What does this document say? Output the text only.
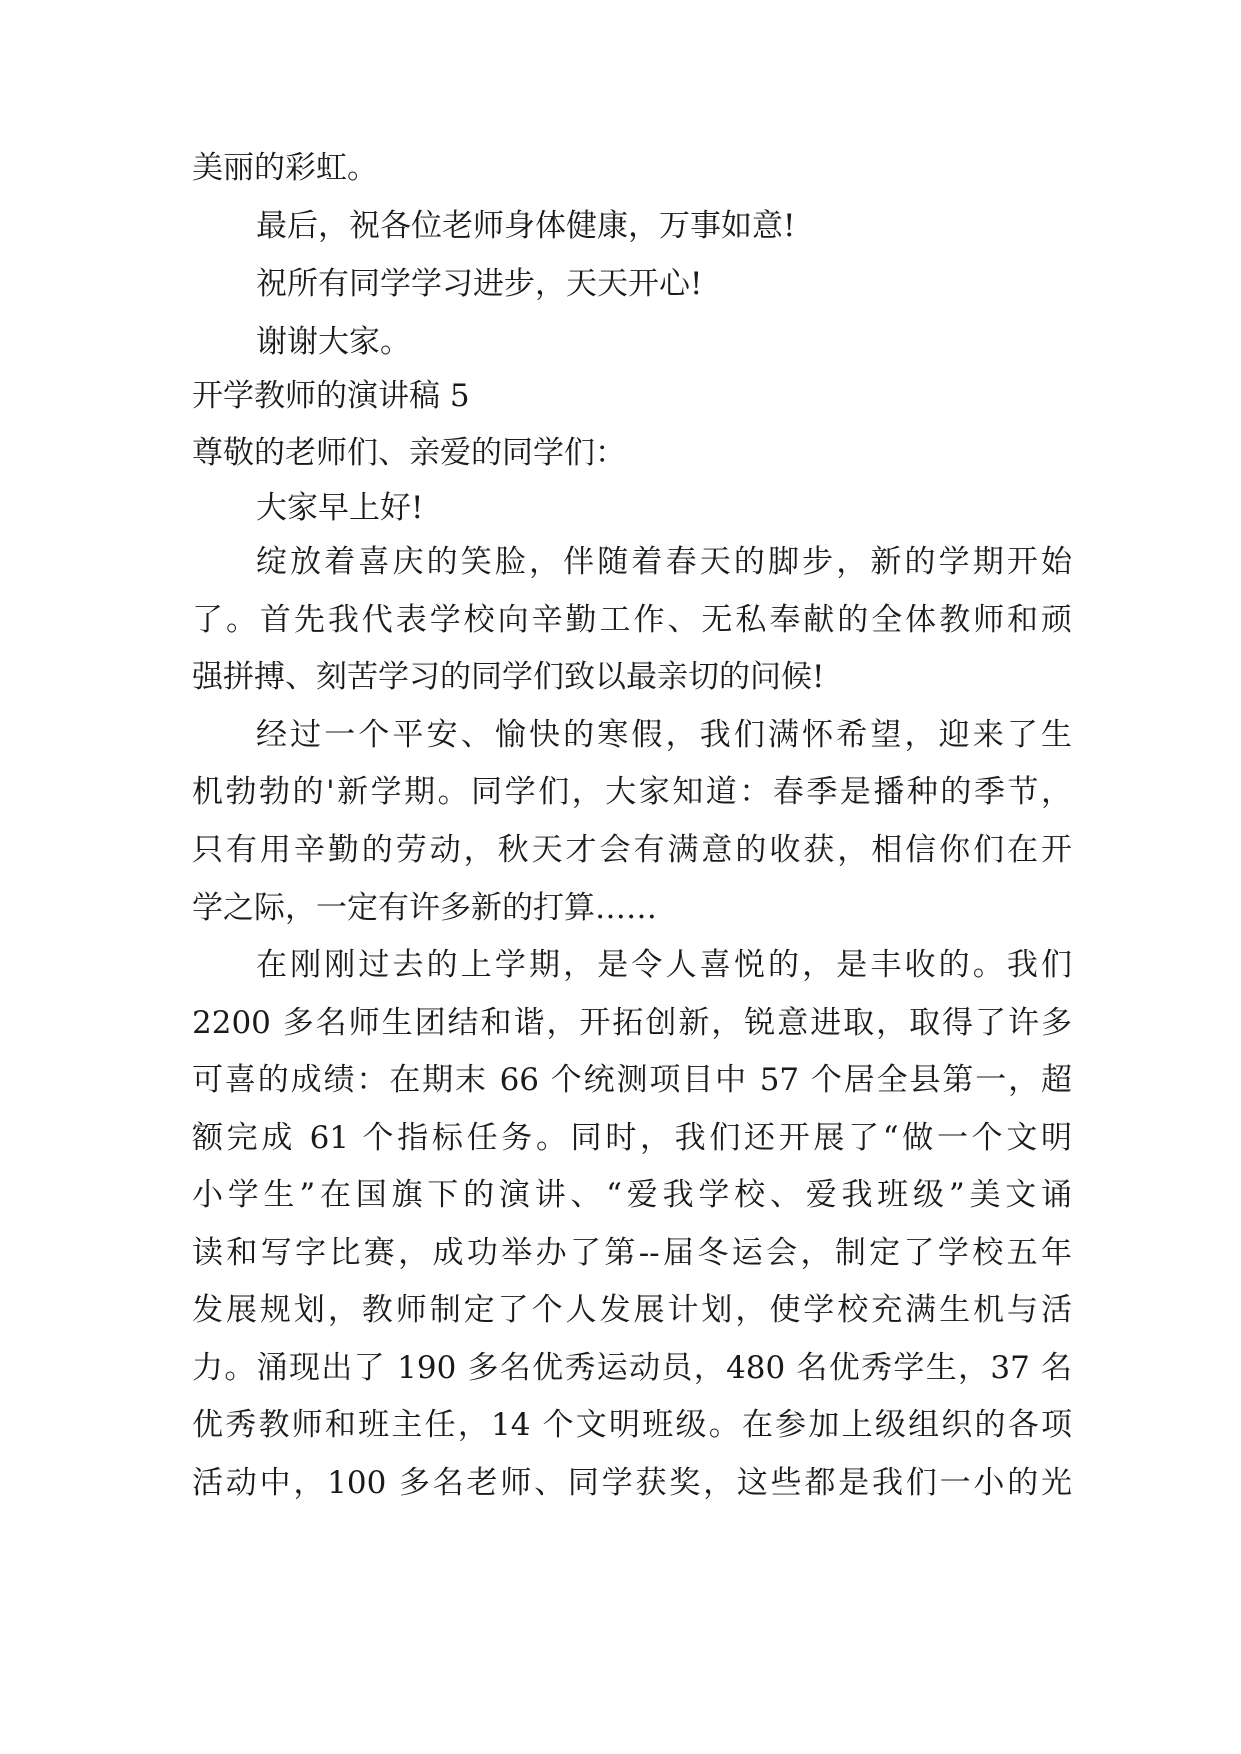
美丽的彩虹。
最后，祝各位老师身体健康，万事如意!
祝所有同学学习进步，天天开心!
谢谢大家。
开学教师的演讲稿 5
尊敬的老师们、亲爱的同学们：
大家早上好!
绽放着喜庆的笑脸，伴随着春天的脚步，新的学期开始
了。首先我代表学校向辛勤工作、无私奉献的全体教师和顽
强拼搏、刻苦学习的同学们致以最亲切的问候!
经过一个平安、愉快的寒假，我们满怀希望，迎来了生
机勃勃的'新学期。同学们，大家知道：春季是播种的季节，
只有用辛勤的劳动，秋天才会有满意的收获，相信你们在开
学之际，一定有许多新的打算……
在刚刚过去的上学期，是令人喜悦的，是丰收的。我们
2200 多名师生团结和谐，开拓创新，锐意进取，取得了许多
可喜的成绩：在期末 66 个统测项目中 57 个居全县第一，超
额完成 61 个指标任务。同时，我们还开展了“做一个文明
小学生”在国旗下的演讲、“爱我学校、爱我班级”美文诵
读和写字比赛，成功举办了第--届冬运会，制定了学校五年
发展规划，教师制定了个人发展计划，使学校充满生机与活
力。涌现出了 190 多名优秀运动员，480 名优秀学生，37 名
优秀教师和班主任，14 个文明班级。在参加上级组织的各项
活动中，100 多名老师、同学获奖，这些都是我们一小的光
